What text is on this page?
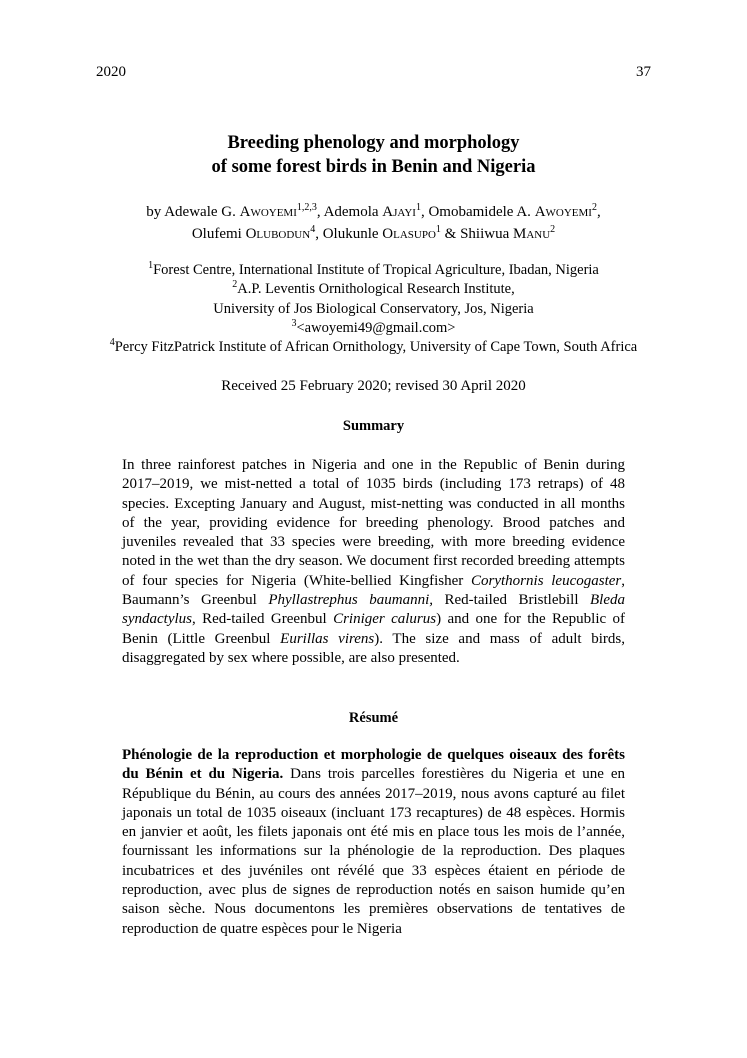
2020	37
Breeding phenology and morphology
of some forest birds in Benin and Nigeria
by Adewale G. Awoyemi$^{1,2,3}$, Ademola Ajayi$^1$, Omobamidele A. Awoyemi$^2$,
Olufemi Olubodun$^4$, Olukunle Olasupo$^1$ & Shiiwua Manu$^2$
$^1$Forest Centre, International Institute of Tropical Agriculture, Ibadan, Nigeria
$^2$A.P. Leventis Ornithological Research Institute,
University of Jos Biological Conservatory, Jos, Nigeria
$^3$<awoyemi49@gmail.com>
$^4$Percy FitzPatrick Institute of African Ornithology, University of Cape Town, South Africa
Received 25 February 2020; revised 30 April 2020
Summary

In three rainforest patches in Nigeria and one in the Republic of Benin during 2017–2019, we mist-netted a total of 1035 birds (including 173 retraps) of 48 species. Excepting January and August, mist-netting was conducted in all months of the year, providing evidence for breeding phenology. Brood patches and juveniles revealed that 33 species were breeding, with more breeding evidence noted in the wet than the dry season. We document first recorded breeding attempts of four species for Nigeria (White-bellied Kingfisher Corythornis leucogaster, Baumann’s Greenbul Phyllastrephus baumanni, Red-tailed Bristlebill Bleda syndactylus, Red-tailed Greenbul Criniger calurus) and one for the Republic of Benin (Little Greenbul Eurillas virens). The size and mass of adult birds, disaggregated by sex where possible, are also presented.

Résumé

Phénologie de la reproduction et morphologie de quelques oiseaux des forêts du Bénin et du Nigeria. Dans trois parcelles forestières du Nigeria et une en République du Bénin, au cours des années 2017–2019, nous avons capturé au filet japonais un total de 1035 oiseaux (incluant 173 recaptures) de 48 espèces. Hormis en janvier et août, les filets japonais ont été mis en place tous les mois de l’année, fournissant les informations sur la phénologie de la reproduction. Des plaques incubatrices et des juvéniles ont révélé que 33 espèces étaient en période de reproduction, avec plus de signes de reproduction notés en saison humide qu’en saison sèche. Nous documentons les premières observations de tentatives de reproduction de quatre espèces pour le Nigeria
